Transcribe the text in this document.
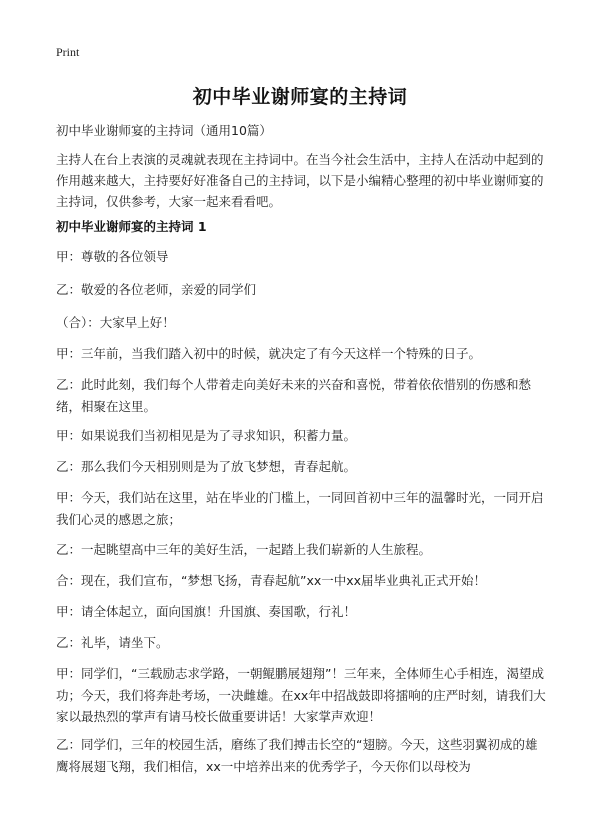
Print
初中毕业谢师宴的主持词

初中毕业谢师宴的主持词（通用10篇）

主持人在台上表演的灵魂就表现在主持词中。在当今社会生活中，主持人在活动中起到的作用越来越大，主持要好好准备自己的主持词，以下是小编精心整理的初中毕业谢师宴的主持词，仅供参考，大家一起来看看吧。

初中毕业谢师宴的主持词 1

甲：尊敬的各位领导

乙：敬爱的各位老师，亲爱的同学们

（合）：大家早上好！

甲：三年前，当我们踏入初中的时候，就决定了有今天这样一个特殊的日子。

乙：此时此刻，我们每个人带着走向美好未来的兴奋和喜悦，带着依依惜别的伤感和愁绪，相聚在这里。

甲：如果说我们当初相见是为了寻求知识，积蓄力量。

乙：那么我们今天相别则是为了放飞梦想，青春起航。

甲：今天，我们站在这里，站在毕业的门槛上，一同回首初中三年的温馨时光，一同开启我们心灵的感恩之旅；

乙：一起眺望高中三年的美好生活，一起踏上我们崭新的人生旅程。

合：现在，我们宣布，“梦想飞扬，青春起航”xx一中xx届毕业典礼正式开始！

甲：请全体起立，面向国旗！升国旗、奏国歌，行礼！

乙：礼毕，请坐下。

甲：同学们，“三载励志求学路，一朝鲲鹏展翅翔”！三年来，全体师生心手相连，渴望成功；今天，我们将奔赴考场，一决雌雄。在xx年中招战鼓即将擂响的庄严时刻，请我们大家以最热烈的掌声有请马校长做重要讲话！大家掌声欢迎！

乙：同学们，三年的校园生活，磨练了我们搏击长空的“翅膀。今天，这些羽翼初成的雄鹰将展翅飞翔，我们相信，xx一中培养出来的优秀学子，今天你们以母校为
